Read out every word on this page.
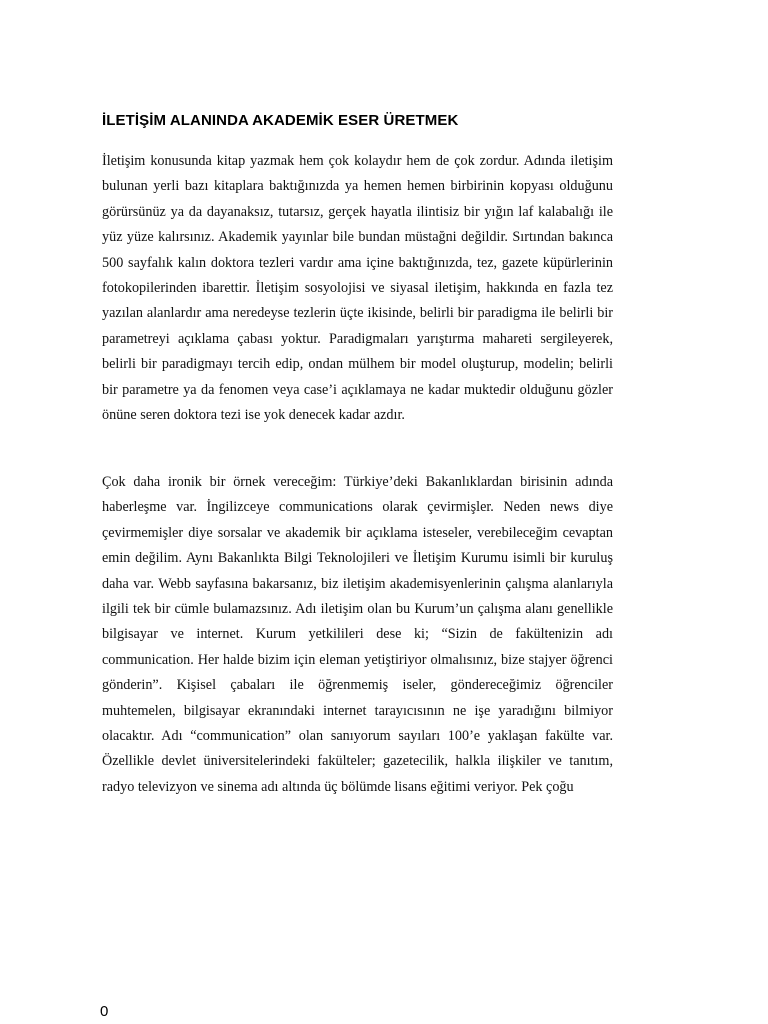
İLETİŞİM ALANINDA AKADEMİK ESER ÜRETMEK

İletişim konusunda kitap yazmak hem çok kolaydır hem de çok zordur. Adında iletişim bulunan yerli bazı kitaplara baktığınızda ya hemen hemen birbirinin kopyası olduğunu görürsünüz ya da dayanaksız, tutarsız, gerçek hayatla ilintisiz bir yığın laf kalabalığı ile yüz yüze kalırsınız. Akademik yayınlar bile bundan müstağni değildir. Sırtından bakınca 500 sayfalık kalın doktora tezleri vardır ama içine baktığınızda, tez, gazete küpürlerinin fotokopilerinden ibarettir. İletişim sosyolojisi ve siyasal iletişim, hakkında en fazla tez yazılan alanlardır ama neredeyse tezlerin üçte ikisinde, belirli bir paradigma ile belirli bir parametreyi açıklama çabası yoktur. Paradigmaları yarıştırma mahareti sergileyerek, belirli bir paradigmayı tercih edip, ondan mülhem bir model oluşturup, modelin; belirli bir parametre ya da fenomen veya case’i açıklamaya ne kadar muktedir olduğunu gözler önüne seren doktora tezi ise yok denecek kadar azdır.

Çok daha ironik bir örnek vereceğim: Türkiye’deki Bakanlıklardan birisinin adında haberleşme var. İngilizceye communications olarak çevirmişler. Neden news diye çevirmemişler diye sorsalar ve akademik bir açıklama isteseler, verebileceğim cevaptan emin değilim. Aynı Bakanlıkta Bilgi Teknolojileri ve İletişim Kurumu isimli bir kuruluş daha var. Webb sayfasına bakarsanız, biz iletişim akademisyenlerinin çalışma alanlarıyla ilgili tek bir cümle bulamazsınız. Adı iletişim olan bu Kurum’un çalışma alanı genellikle bilgisayar ve internet. Kurum yetkilileri dese ki; “Sizin de fakültenizin adı communication. Her halde bizim için eleman yetiştiriyor olmalısınız, bize stajyer öğrenci gönderin”. Kişisel çabaları ile öğrenmemiş iseler, göndereceğimiz öğrenciler muhtemelen, bilgisayar ekranındaki internet tarayıcısının ne işe yaradığını bilmiyor olacaktır. Adı “communication” olan sanıyorum sayıları 100’e yaklaşan fakülte var. Özellikle devlet üniversitelerindeki fakülteler; gazetecilik, halkla ilişkiler ve tanıtım, radyo televizyon ve sinema adı altında üç bölümde lisans eğitimi veriyor. Pek çoğu

0
